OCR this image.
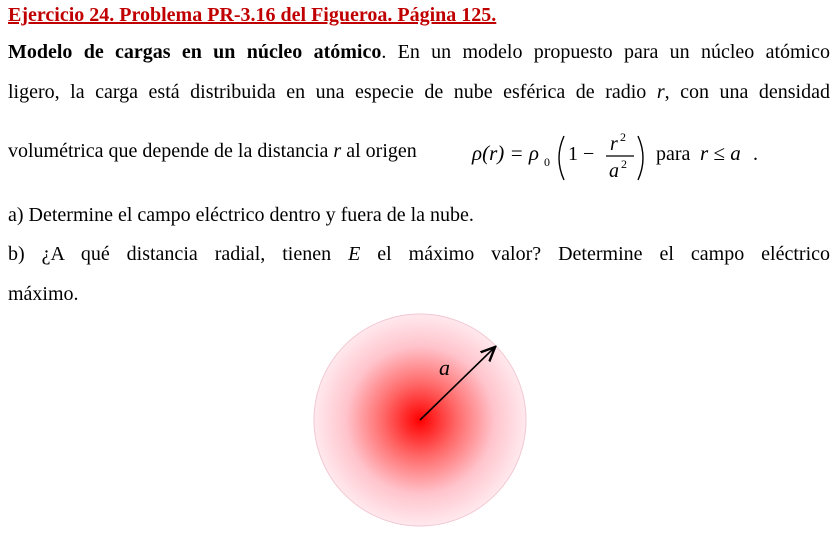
Ejercicio 24. Problema PR-3.16 del Figueroa. Página 125.
Modelo de cargas en un núcleo atómico. En un modelo propuesto para un núcleo atómico
ligero, la carga está distribuida en una especie de nube esférica de radio r, con una densidad
volumétrica que depende de la distancia r al origen	ρ(r) = ρ 0 1 − r 2
a 2 para r ≤ a .
a) Determine el campo eléctrico dentro y fuera de la nube.
b) ¿A qué distancia radial, tienen E el máximo valor? Determine el campo eléctrico
máximo.
a
